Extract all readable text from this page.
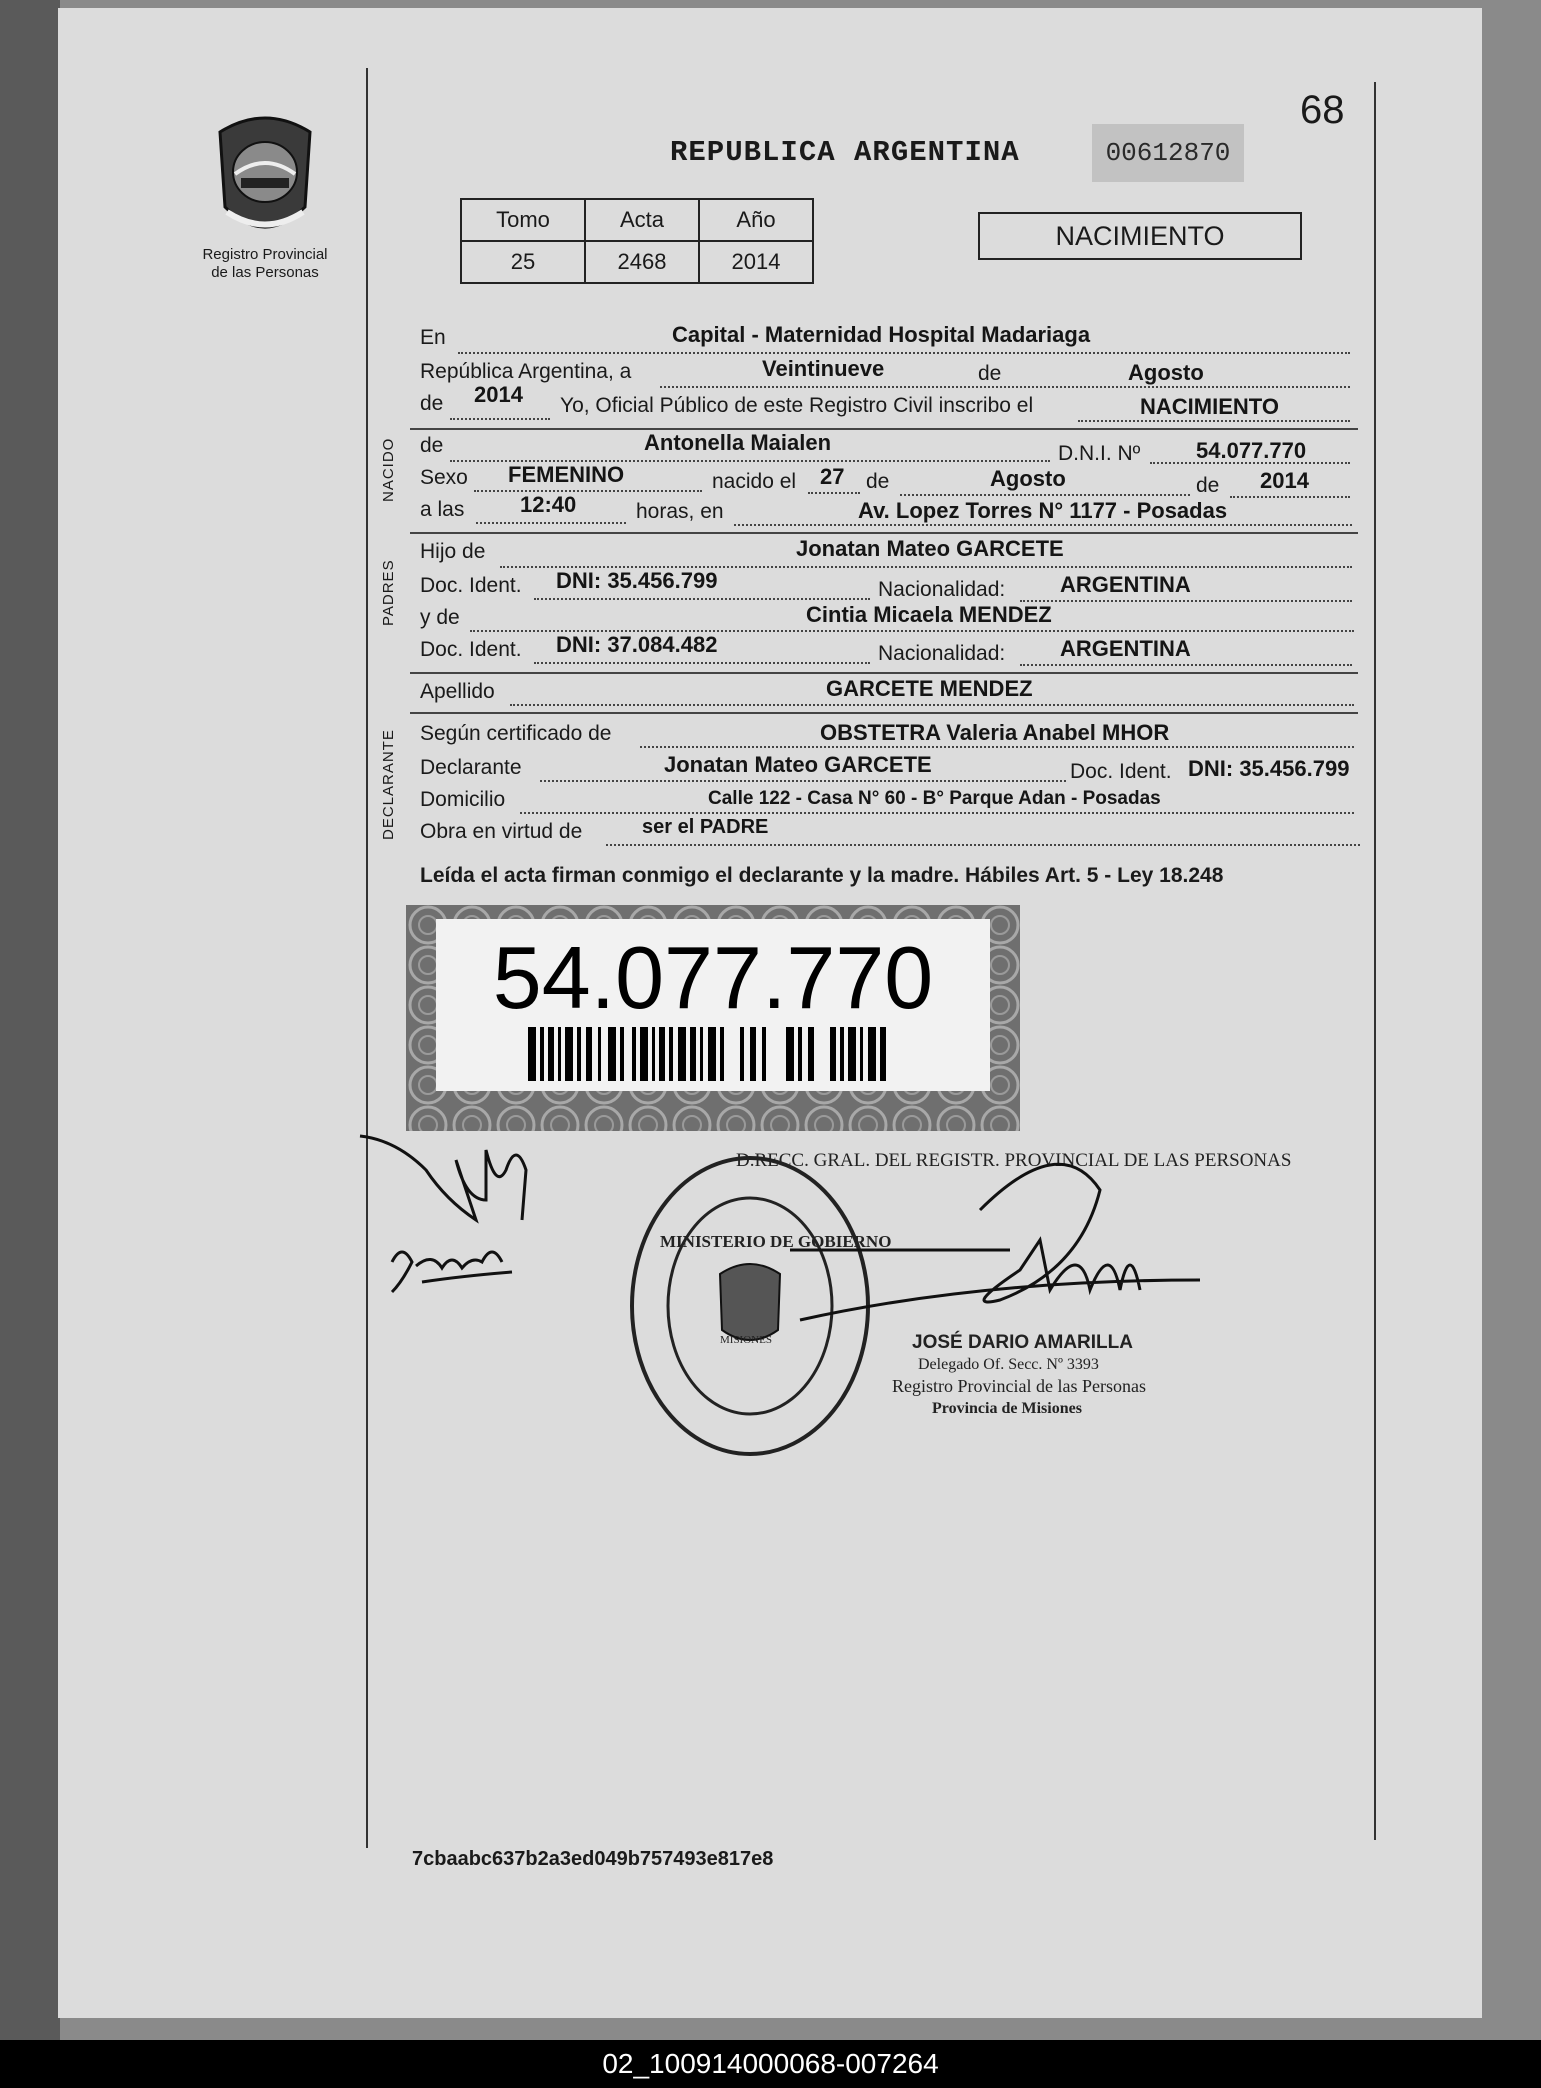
Registro Provincial
de las Personas
68
REPUBLICA ARGENTINA	00612870
Tomo	Acta	Año
25	2468	2014
NACIMIENTO
En	Capital - Maternidad Hospital Madariaga
República Argentina, a	Veintinueve	de	Agosto
de 2014 Yo, Oficial Público de este Registro Civil inscribo el	NACIMIENTO
NACIDO de	Antonella Maialen	D.N.I. Nº	54.077.770
Sexo FEMENINO	nacido el 27 de	Agosto	de 2014
a las	12:40	horas, en	Av. Lopez Torres N° 1177 - Posadas
PADRES
Hijo de	Jonatan Mateo GARCETE
Doc. Ident. DNI: 35.456.799	Nacionalidad: ARGENTINA
y de	Cintia Micaela MENDEZ
Doc. Ident. DNI: 37.084.482	Nacionalidad: ARGENTINA
Apellido	GARCETE MENDEZ
DECLARANTE Según certificado de	OBSTETRA Valeria Anabel MHOR
Declarante	Jonatan Mateo GARCETE	Doc. Ident. DNI: 35.456.799
Domicilio	Calle 122 - Casa N° 60 - B° Parque Adan - Posadas
Obra en virtud de	ser el PADRE
Leída el acta firman conmigo el declarante y la madre. Hábiles Art. 5 - Ley 18.248
54.077.770
D.RECC. GRAL. DEL REGISTR. PROVINCIAL DE LAS PERSONAS
MINISTERIO DE GOBIERNO
MISIONES	JOSÉ DARIO AMARILLA
Delegado Of. Secc. Nº 3393
Registro Provincial de las Personas
Provincia de Misiones
7cbaabc637b2a3ed049b757493e817e8
02_100914000068-007264
